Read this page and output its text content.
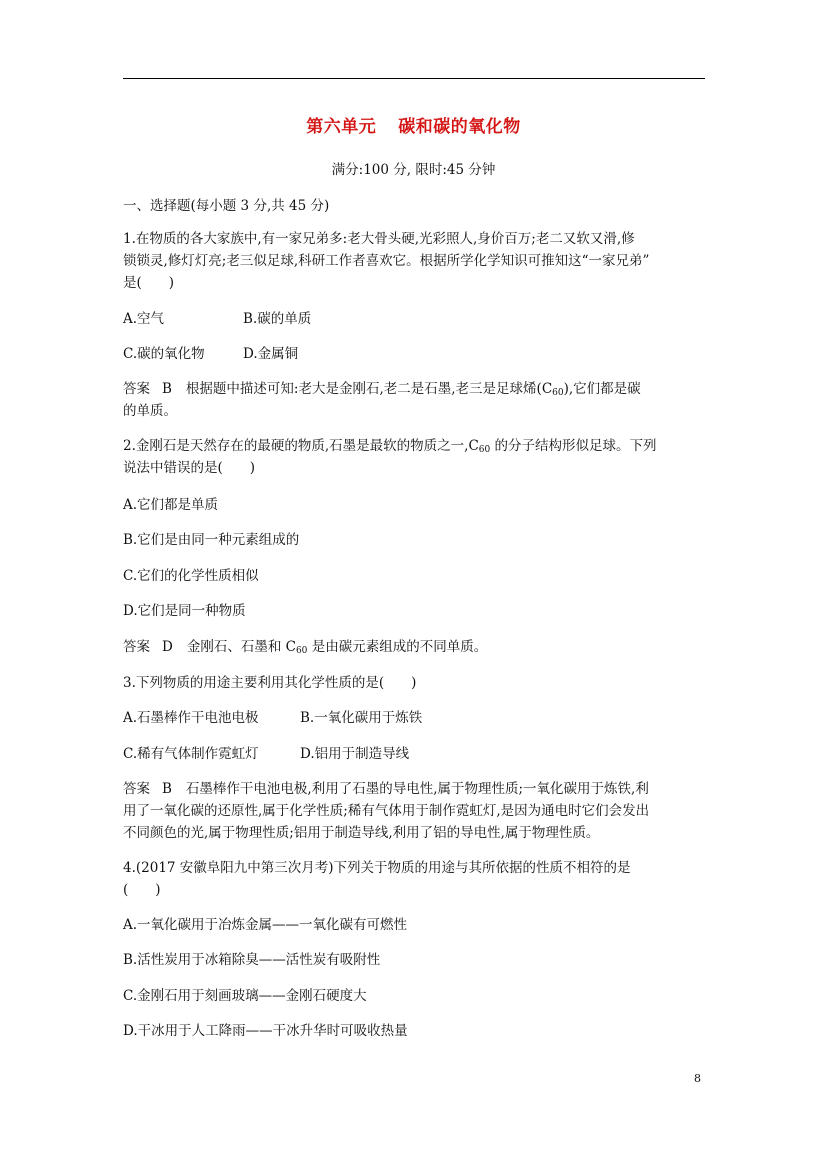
第六单元 碳和碳的氧化物
满分:100 分, 限时:45 分钟
一、选择题(每小题 3 分,共 45 分)
1.在物质的各大家族中,有一家兄弟多:老大骨头硬,光彩照人,身价百万;老二又软又滑,修
锁锁灵,修灯灯亮;老三似足球,科研工作者喜欢它。根据所学化学知识可推知这“一家兄弟”
是(　　)
A.空气	B.碳的单质
C.碳的氧化物	D.金属铜
答案 B 根据题中描述可知:老大是金刚石,老二是石墨,老三是足球烯$(C_{60})$,它们都是碳
的单质。
2.金刚石是天然存在的最硬的物质,石墨是最软的物质之一$,C_{60}$ 的分子结构形似足球。下列
说法中错误的是(　　)
A.它们都是单质
B.它们是由同一种元素组成的
C.它们的化学性质相似
D.它们是同一种物质
答案 D 金刚石、石墨和 $C_{60}$ 是由碳元素组成的不同单质。
3.下列物质的用途主要利用其化学性质的是(　　)
A.石墨棒作干电池电极	B.一氧化碳用于炼铁
C.稀有气体制作霓虹灯	D.铝用于制造导线
答案 B 石墨棒作干电池电极,利用了石墨的导电性,属于物理性质;一氧化碳用于炼铁,利
用了一氧化碳的还原性,属于化学性质;稀有气体用于制作霓虹灯,是因为通电时它们会发出
不同颜色的光,属于物理性质;铝用于制造导线,利用了铝的导电性,属于物理性质。
4.(2017 安徽阜阳九中第三次月考)下列关于物质的用途与其所依据的性质不相符的是
(　　)
A.一氧化碳用于冶炼金属——一氧化碳有可燃性
B.活性炭用于冰箱除臭——活性炭有吸附性
C.金刚石用于刻画玻璃——金刚石硬度大
D.干冰用于人工降雨——干冰升华时可吸收热量
8
